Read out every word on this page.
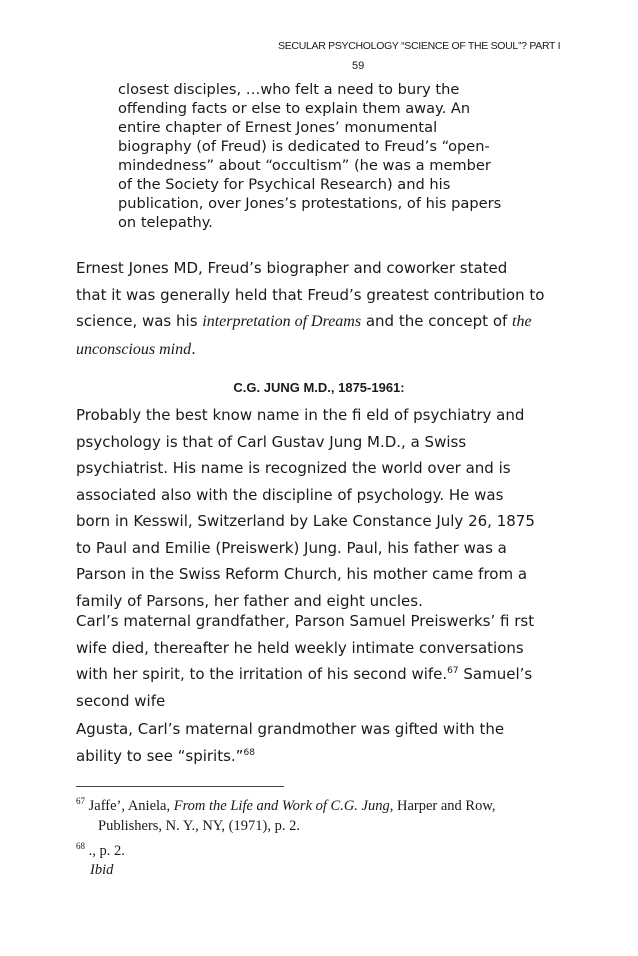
SECULAR PSYCHOLOGY “SCIENCE OF THE SOUL”? PART I
59
closest disciples, …who felt a need to bury the
offending facts or else to explain them away. An
entire chapter of Ernest Jones’ monumental
biography (of Freud) is dedicated to Freud’s “open-
mindedness” about “occultism” (he was a member
of the Society for Psychical Research) and his
publication, over Jones’s protestations, of his papers
on telepathy.
Ernest Jones MD, Freud’s biographer and coworker stated
that it was generally held that Freud’s greatest contribution to
science, was his interpretation of Dreams and the concept of the
unconscious mind.
C.G. JUNG M.D., 1875-1961:
Probably the best know name in the fi eld of psychiatry and
psychology is that of Carl Gustav Jung M.D., a Swiss
psychiatrist. His name is recognized the world over and is
associated also with the discipline of psychology. He was
born in Kesswil, Switzerland by Lake Constance July 26, 1875
to Paul and Emilie (Preiswerk) Jung. Paul, his father was a
Parson in the Swiss Reform Church, his mother came from a
family of Parsons, her father and eight uncles.
Carl’s maternal grandfather, Parson Samuel Preiswerks’ fi rst
wife died, thereafter he held weekly intimate conversations
with her spirit, to the irritation of his second wife.$^{67}$ Samuel’s
second wife
Agusta, Carl’s maternal grandmother was gifted with the
ability to see “spirits.”$^{68}$
$^{67}$ Jaffe’, Aniela, From the Life and Work of C.G. Jung, Harper and Row,
Publishers, N. Y., NY, (1971), p. 2.
$^{68}$ ., p. 2.
Ibid
